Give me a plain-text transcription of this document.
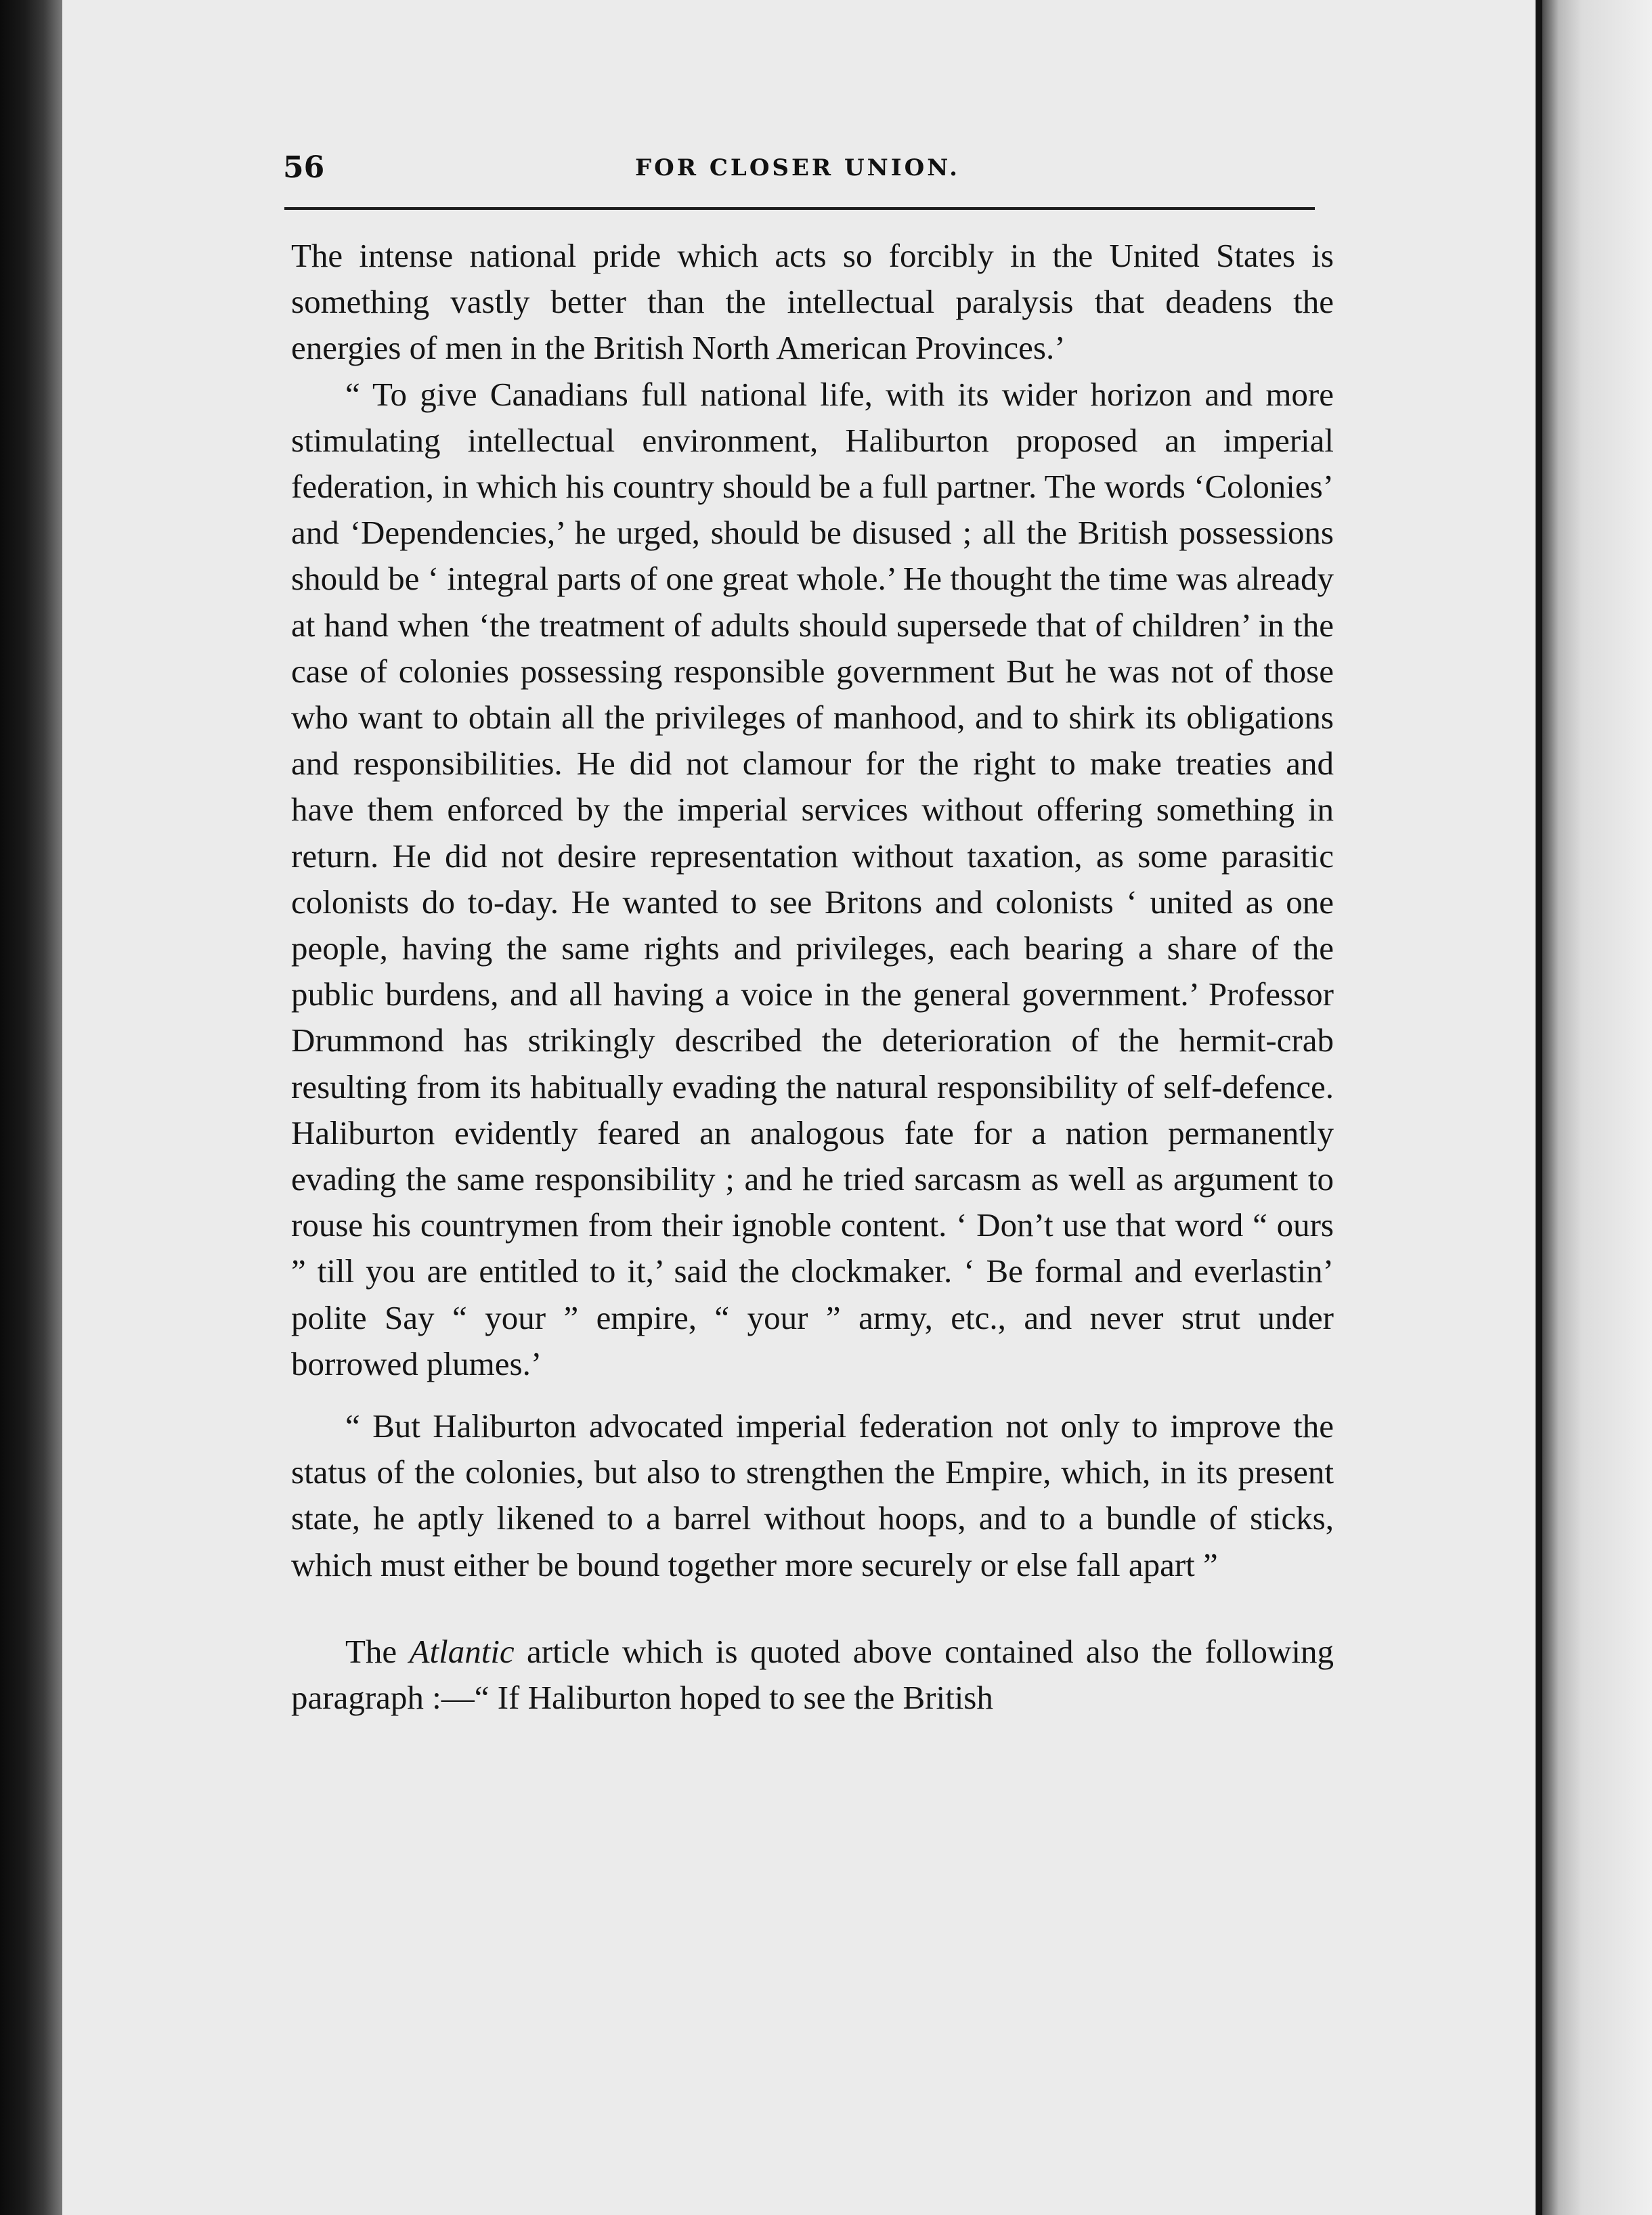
56	FOR CLOSER UNION.

The intense national pride which acts so forcibly in the United States is something vastly better than the intellectual paralysis that deadens the energies of men in the British North American Provinces.’

“ To give Canadians full national life, with its wider horizon and more stimulating intellectual environment, Haliburton proposed an imperial federation, in which his country should be a full partner. The words ‘Colonies’ and ‘Dependencies,’ he urged, should be disused ; all the British possessions should be ‘ integral parts of one great whole.’ He thought the time was already at hand when ‘the treatment of adults should supersede that of children’ in the case of colonies possessing responsible government But he was not of those who want to obtain all the privileges of manhood, and to shirk its obligations and responsibilities. He did not clamour for the right to make treaties and have them enforced by the imperial services without offering something in return. He did not desire representation without taxation, as some parasitic colonists do to-day. He wanted to see Britons and colonists ‘ united as one people, having the same rights and privileges, each bearing a share of the public burdens, and all having a voice in the general government.’ Professor Drummond has strikingly described the deterioration of the hermit-crab resulting from its habitually evading the natural responsibility of self-defence. Haliburton evidently feared an analogous fate for a nation permanently evading the same responsibility ; and he tried sarcasm as well as argument to rouse his countrymen from their ignoble content. ‘ Don’t use that word “ ours ” till you are entitled to it,’ said the clockmaker. ‘ Be formal and everlastin’ polite Say “ your ” empire, “ your ” army, etc., and never strut under borrowed plumes.’

“ But Haliburton advocated imperial federation not only to improve the status of the colonies, but also to strengthen the Empire, which, in its present state, he aptly likened to a barrel without hoops, and to a bundle of sticks, which must either be bound together more securely or else fall apart ”

The Atlantic article which is quoted above contained also the following paragraph :—“ If Haliburton hoped to see the British
